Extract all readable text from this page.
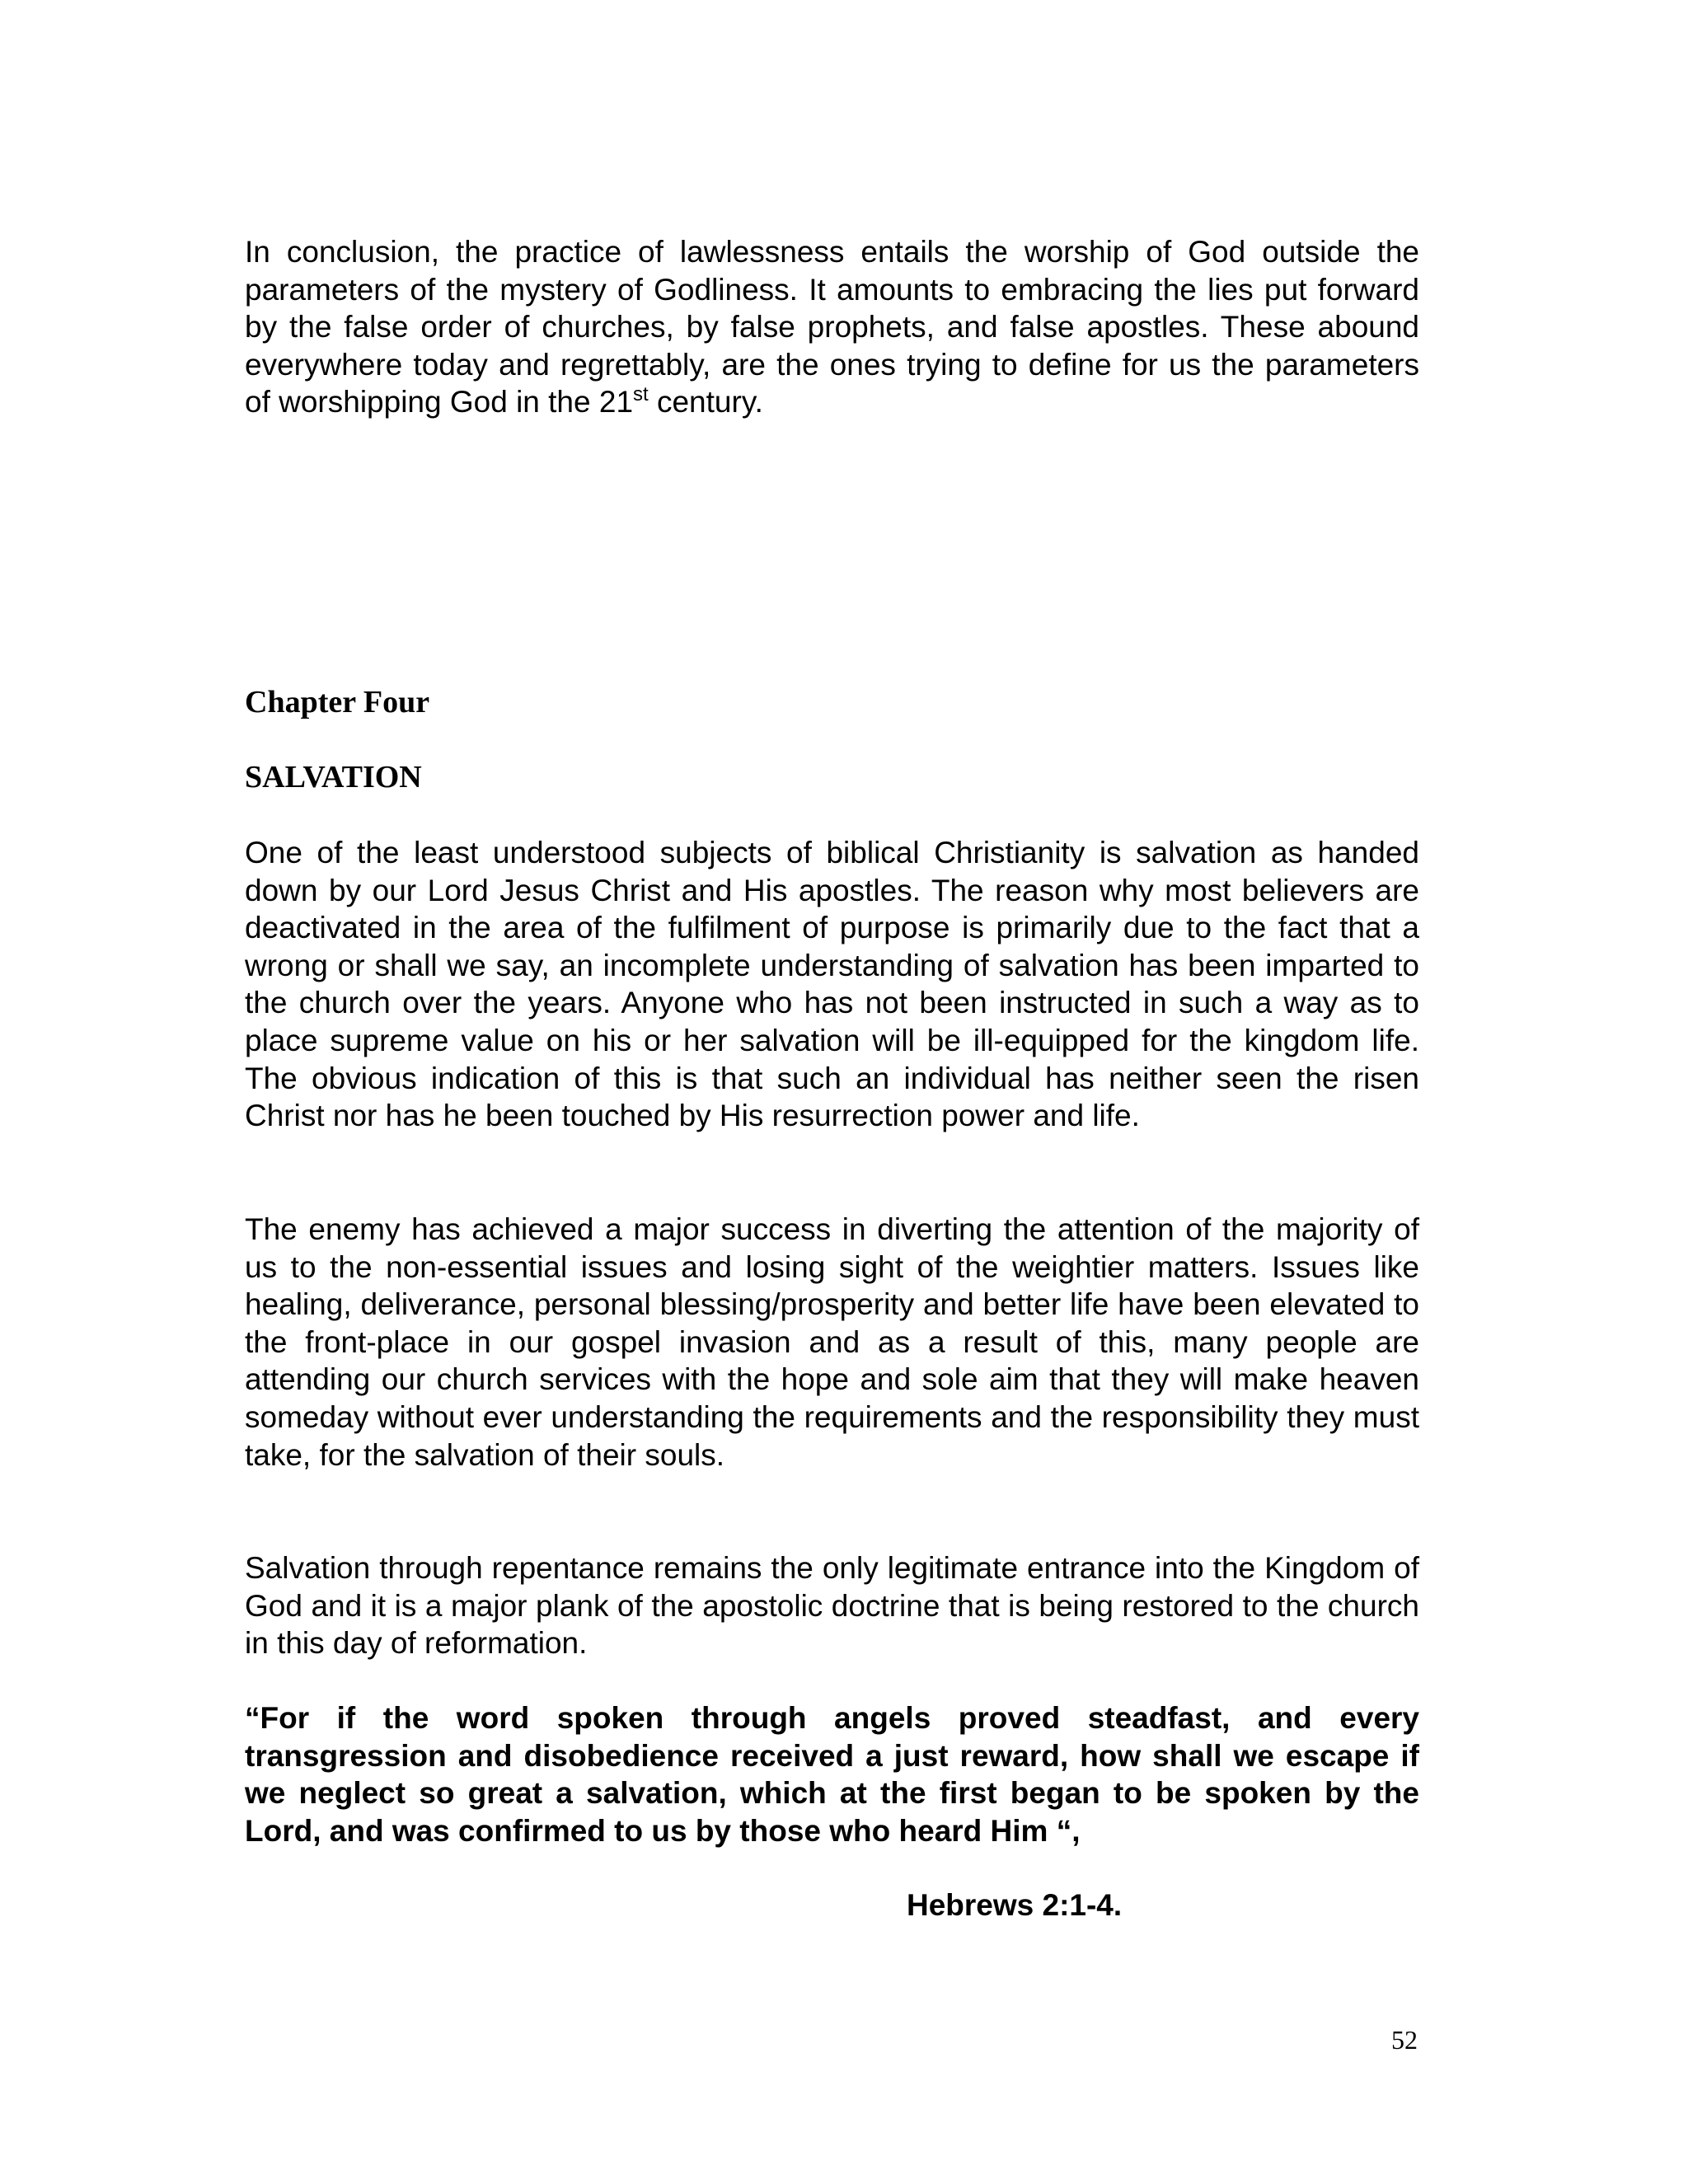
In conclusion, the practice of lawlessness entails the worship of God outside the parameters of the mystery of Godliness. It amounts to embracing the lies put forward by the false order of churches, by false prophets, and false apostles. These abound everywhere today and regrettably, are the ones trying to define for us the parameters of worshipping God in the 21st century.

Chapter Four
SALVATION

One of the least understood subjects of biblical Christianity is salvation as handed down by our Lord Jesus Christ and His apostles. The reason why most believers are deactivated in the area of the fulfilment of purpose is primarily due to the fact that a wrong or shall we say, an incomplete understanding of salvation has been imparted to the church over the years. Anyone who has not been instructed in such a way as to place supreme value on his or her salvation will be ill-equipped for the kingdom life. The obvious indication of this is that such an individual has neither seen the risen Christ nor has he been touched by His resurrection power and life.

The enemy has achieved a major success in diverting the attention of the majority of us to the non-essential issues and losing sight of the weightier matters. Issues like healing, deliverance, personal blessing/prosperity and better life have been elevated to the front-place in our gospel invasion and as a result of this, many people are attending our church services with the hope and sole aim that they will make heaven someday without ever understanding the requirements and the responsibility they must take, for the salvation of their souls.

Salvation through repentance remains the only legitimate entrance into the Kingdom of God and it is a major plank of the apostolic doctrine that is being restored to the church in this day of reformation.

“For if the word spoken through angels proved steadfast, and every transgression and disobedience received a just reward, how shall we escape if we neglect so great a salvation, which at the first began to be spoken by the Lord, and was confirmed to us by those who heard Him “,

Hebrews 2:1-4.

52
